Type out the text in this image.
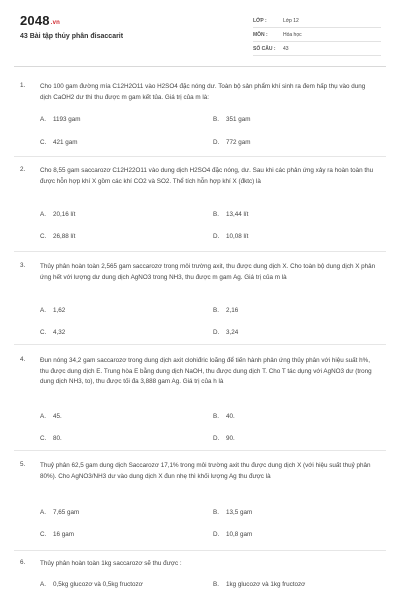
2048.vn
43 Bài tập thủy phân đisaccarit
LỚP :	Lớp 12
MÔN :	Hóa học
SỐ CÂU :	43
1. Cho 100 gam đường mía C12H2O11 vào H2SO4 đặc nóng dư. Toàn bộ sản phẩm khí sinh ra đem hấp thụ vào dung dịch CaOH2 dư thì thu được m gam kết tủa. Giá trị của m là:
A. 1193 gam	B. 351 gam
C. 421 gam	D. 772 gam
2. Cho 8,55 gam saccarozơ C12H22O11 vào dung dịch H2SO4 đặc nóng, dư. Sau khi các phản ứng xảy ra hoàn toàn thu được hỗn hợp khí X gồm các khí CO2 và SO2. Thể tích hỗn hợp khí X (đktc) là
A. 20,16 lít	B. 13,44 lít
C. 26,88 lít	D. 10,08 lít
3. Thủy phân hoàn toàn 2,565 gam saccarozơ trong môi trường axit, thu được dung dịch X. Cho toàn bộ dung dịch X phản ứng hết với lượng dư dung dịch AgNO3 trong NH3, thu được m gam Ag. Giá trị của m là
A. 1,62	B. 2,16
C. 4,32	D. 3,24
4. Đun nóng 34,2 gam saccarozơ trong dung dịch axit clohiđric loãng để tiến hành phản ứng thủy phân với hiệu suất h%, thu được dung dịch E. Trung hòa E bằng dung dịch NaOH, thu được dung dịch T. Cho T tác dụng với AgNO3 dư (trong dung dịch NH3, to), thu được tối đa 3,888 gam Ag. Giá trị của h là
A. 45.	B. 40.
C. 80.	D. 90.
5. Thuỷ phân 62,5 gam dung dịch Saccarozơ 17,1% trong môi trường axit thu được dung dịch X (với hiệu suất thuỷ phân 80%). Cho AgNO3/NH3 dư vào dung dịch X đun nhẹ thì khối lượng Ag thu được là
A. 7,65 gam	B. 13,5 gam
C. 16 gam	D. 10,8 gam
6. Thủy phân hoàn toàn 1kg saccarozơ sẽ thu được :
A. 0,5kg glucozơ và 0,5kg fructozơ	B. 1kg glucozơ và 1kg fructozơ
